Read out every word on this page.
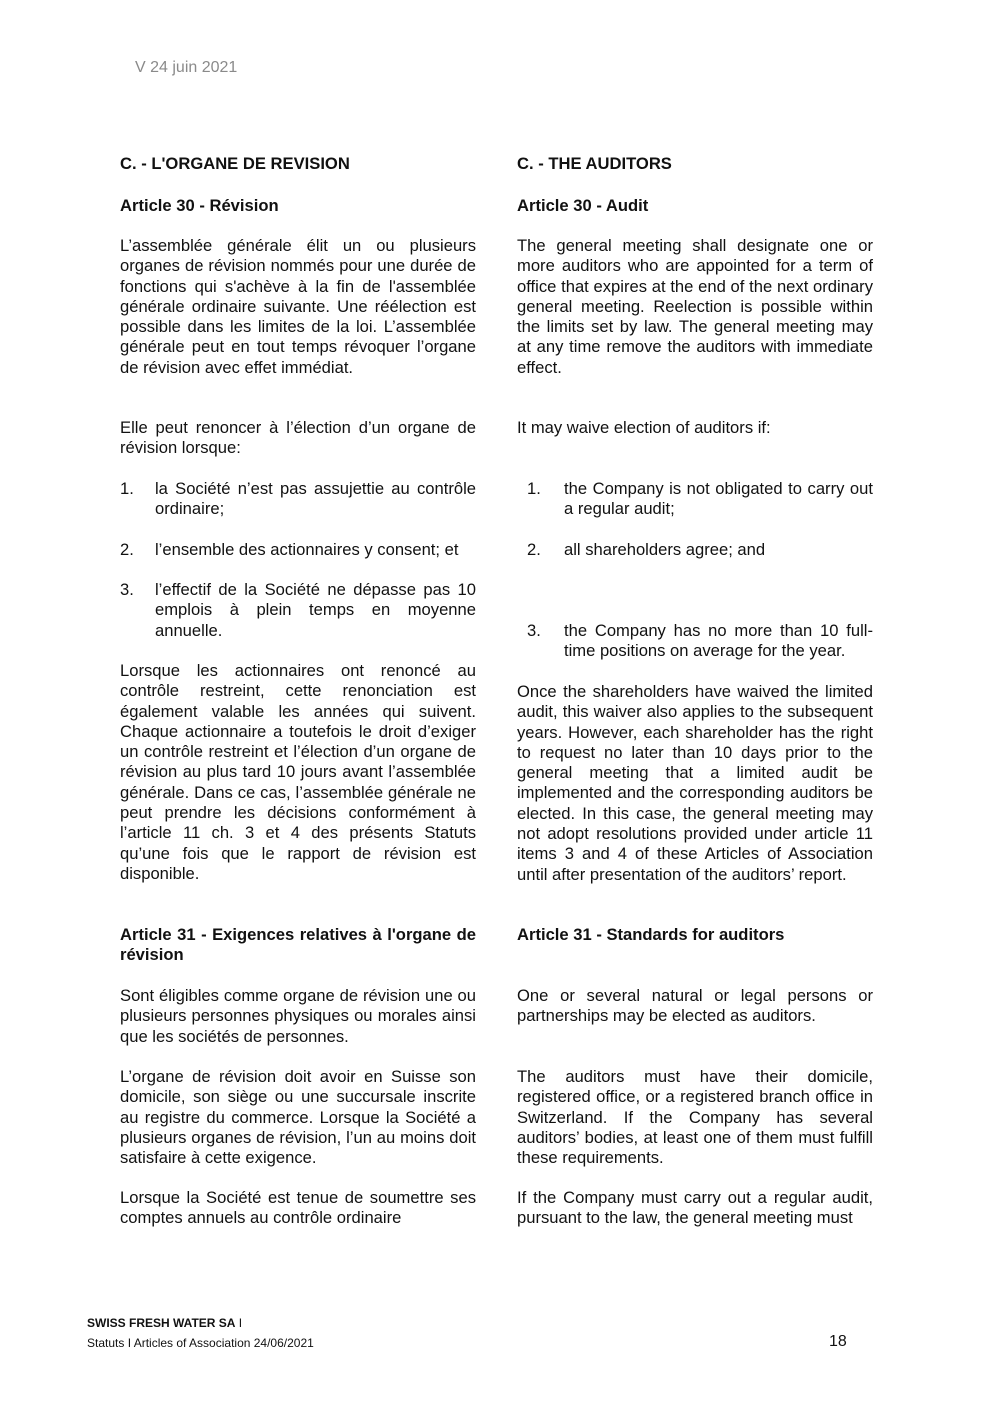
V 24 juin 2021
C. - L'ORGANE DE REVISION
Article 30 - Révision
L’assemblée générale élit un ou plusieurs organes de révision nommés pour une durée de fonctions qui s'achève à la fin de l'assemblée générale ordinaire suivante. Une réélection est possible dans les limites de la loi. L’assemblée générale peut en tout temps révoquer l’organe de révision avec effet immédiat.
Elle peut renoncer à l’élection d’un organe de révision lorsque:
1. la Société n’est pas assujettie au contrôle ordinaire;
2. l’ensemble des actionnaires y consent; et
3. l’effectif de la Société ne dépasse pas 10 emplois à plein temps en moyenne annuelle.
Lorsque les actionnaires ont renoncé au contrôle restreint, cette renonciation est également valable les années qui suivent. Chaque actionnaire a toutefois le droit d’exiger un contrôle restreint et l’élection d’un organe de révision au plus tard 10 jours avant l’assemblée générale. Dans ce cas, l’assemblée générale ne peut prendre les décisions conformément à l’article 11 ch. 3 et 4 des présents Statuts qu’une fois que le rapport de révision est disponible.
Article 31 - Exigences relatives à l'organe de révision
Sont éligibles comme organe de révision une ou plusieurs personnes physiques ou morales ainsi que les sociétés de personnes.
L’organe de révision doit avoir en Suisse son domicile, son siège ou une succursale inscrite au registre du commerce. Lorsque la Société a plusieurs organes de révision, l’un au moins doit satisfaire à cette exigence.
Lorsque la Société est tenue de soumettre ses comptes annuels au contrôle ordinaire
C. - THE AUDITORS
Article 30 - Audit
The general meeting shall designate one or more auditors who are appointed for a term of office that expires at the end of the next ordinary general meeting. Reelection is possible within the limits set by law. The general meeting may at any time remove the auditors with immediate effect.
It may waive election of auditors if:
1. the Company is not obligated to carry out a regular audit;
2. all shareholders agree; and
3. the Company has no more than 10 full-time positions on average for the year.
Once the shareholders have waived the limited audit, this waiver also applies to the subsequent years. However, each shareholder has the right to request no later than 10 days prior to the general meeting that a limited audit be implemented and the corresponding auditors be elected. In this case, the general meeting may not adopt resolutions provided under article 11 items 3 and 4 of these Articles of Association until after presentation of the auditors’ report.
Article 31 - Standards for auditors
One or several natural or legal persons or partnerships may be elected as auditors.
The auditors must have their domicile, registered office, or a registered branch office in Switzerland. If the Company has several auditors’ bodies, at least one of them must fulfill these requirements.
If the Company must carry out a regular audit, pursuant to the law, the general meeting must
SWISS FRESH WATER SA I
Statuts I Articles of Association 24/06/2021	18
